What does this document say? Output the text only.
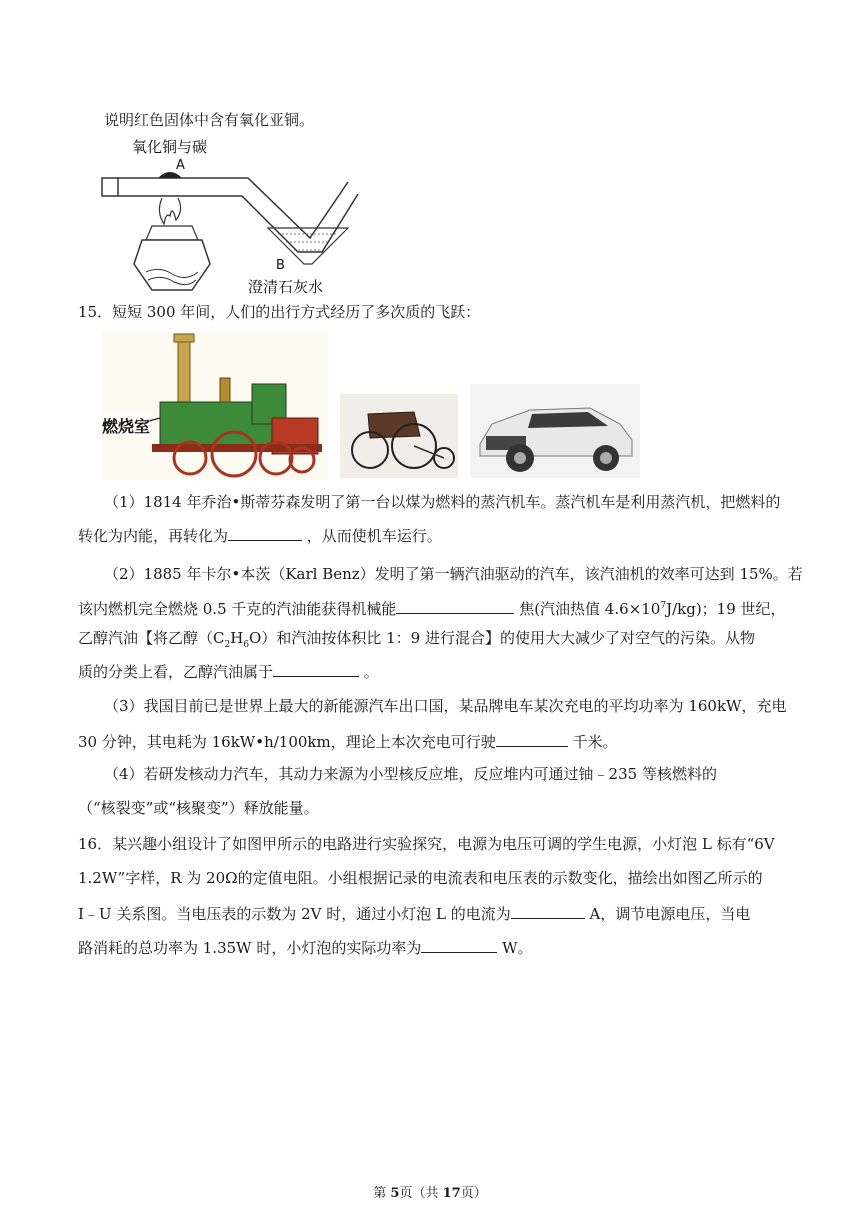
说明红色固体中含有氧化亚铜。
氧化铜与碳
A
B
澄清石灰水
15．短短 300 年间，人们的出行方式经历了多次质的飞跃：
燃烧室
（1）1814 年乔治•斯蒂芬森发明了第一台以煤为燃料的蒸汽机车。蒸汽机车是利用蒸汽机，把燃料的
转化为内能，再转化为	，从而使机车运行。
（2）1885 年卡尔•本茨（Karl Benz）发明了第一辆汽油驱动的汽车，该汽油机的效率可达到 15%。若
该内燃机完全燃烧 0.5 千克的汽油能获得机械能	焦(汽油热值 $4.6\times 10^7J/kg$)；19 世纪，
乙醇汽油【将乙醇$(C_2H_6O)$和汽油按体积比 1：9 进行混合】的使用大大减少了对空气的污染。从物
质的分类上看，乙醇汽油属于	。
（3）我国目前已是世界上最大的新能源汽车出口国，某品牌电车某次充电的平均功率为 160kW，充电
30 分钟，其电耗为 16kW•h/100km，理论上本次充电可行驶	千米。
（4）若研发核动力汽车，其动力来源为小型核反应堆，反应堆内可通过铀﹣235 等核燃料的
（“核裂变”或“核聚变”）释放能量。
16．某兴趣小组设计了如图甲所示的电路进行实验探究，电源为电压可调的学生电源，小灯泡 L 标有“6V
1.2W”字样，R 为 20Ω的定值电阻。小组根据记录的电流表和电压表的示数变化，描绘出如图乙所示的
I﹣U 关系图。当电压表的示数为 2V 时，通过小灯泡 L 的电流为	A，调节电源电压，当电
路消耗的总功率为 1.35W 时，小灯泡的实际功率为	W。
第 5页（共 17页）
